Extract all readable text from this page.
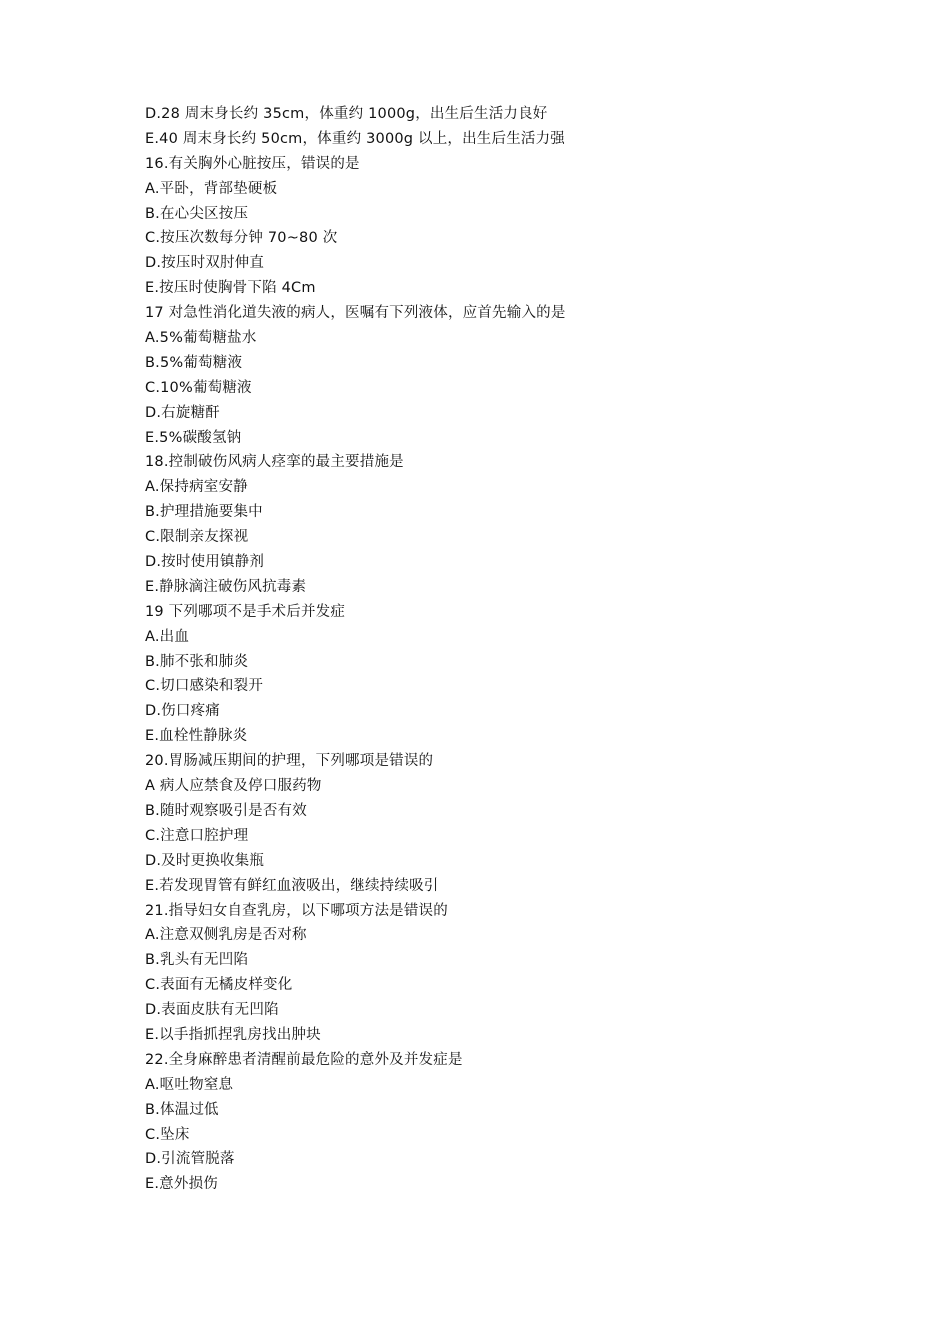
D.28 周末身长约 35cm，体重约 1000g，出生后生活力良好
E.40 周末身长约 50cm，体重约 3000g 以上，出生后生活力强
16.有关胸外心脏按压，错误的是
A.平卧，背部垫硬板
B.在心尖区按压
C.按压次数每分钟 70~80 次
D.按压时双肘伸直
E.按压时使胸骨下陷 4Cm
17 对急性消化道失液的病人，医嘱有下列液体，应首先输入的是
A.5%葡萄糖盐水
B.5%葡萄糖液
C.10%葡萄糖液
D.右旋糖酐
E.5%碳酸氢钠
18.控制破伤风病人痉挛的最主要措施是
A.保持病室安静
B.护理措施要集中
C.限制亲友探视
D.按时使用镇静剂
E.静脉滴注破伤风抗毒素
19 下列哪项不是手术后并发症
A.出血
B.肺不张和肺炎
C.切口感染和裂开
D.伤口疼痛
E.血栓性静脉炎
20.胃肠减压期间的护理，下列哪项是错误的
A 病人应禁食及停口服药物
B.随时观察吸引是否有效
C.注意口腔护理
D.及时更换收集瓶
E.若发现胃管有鲜红血液吸出，继续持续吸引
21.指导妇女自查乳房，以下哪项方法是错误的
A.注意双侧乳房是否对称
B.乳头有无凹陷
C.表面有无橘皮样变化
D.表面皮肤有无凹陷
E.以手指抓捏乳房找出肿块
22.全身麻醉患者清醒前最危险的意外及并发症是
A.呕吐物窒息
B.体温过低
C.坠床
D.引流管脱落
E.意外损伤
